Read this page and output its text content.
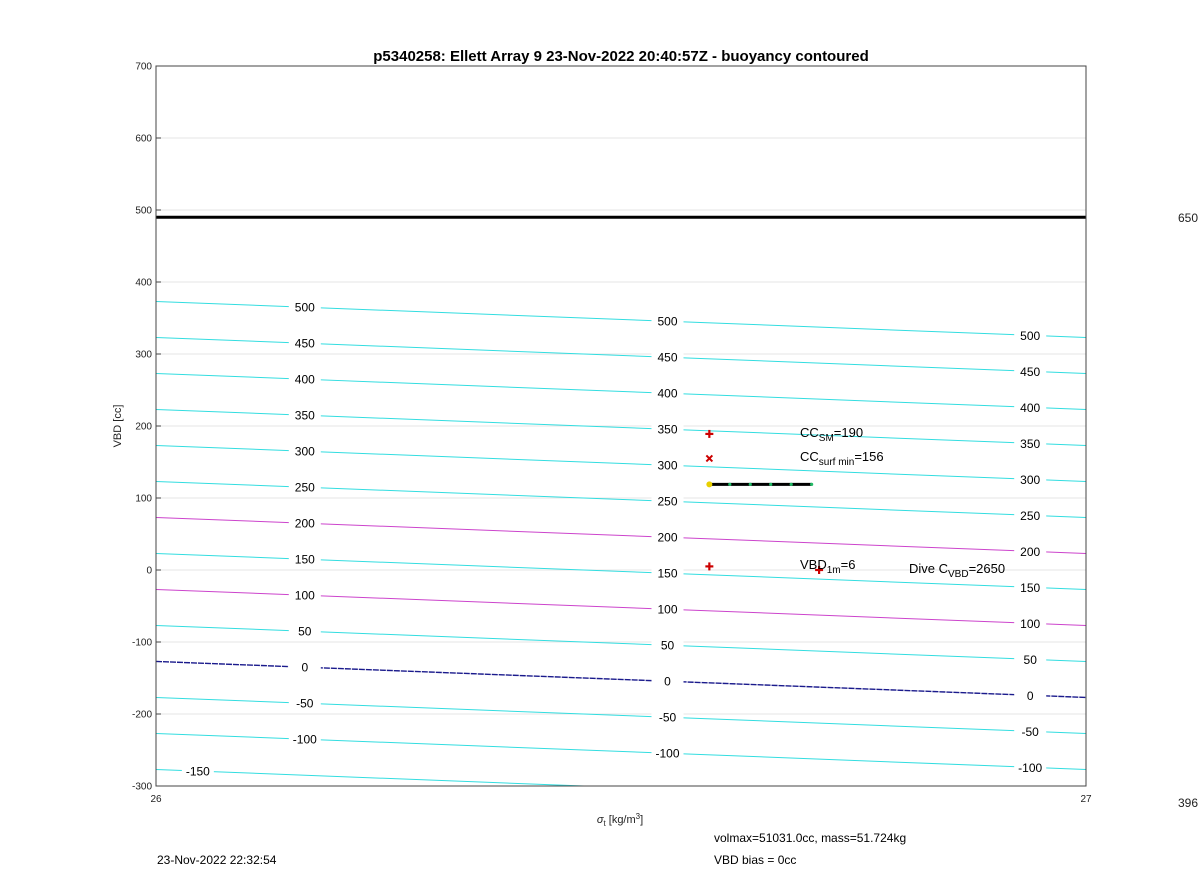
-150
-100
-100
-100
-50
-50
-50
0
0
0
50
50
50
100
100
100
150
150
150
200
200
200
250
250
250
300
300
300
350
350
350
400
400
400
450
450
450
500
500
500
700
600
500
400
300
200
100
0
-100
-200
-300
26	27
p5340258: Ellett Array 9 23-Nov-2022 20:40:57Z - buoyancy contoured
VBD [cc]
$\sigma_t$ $[kg/m^3]$
$CC_{SM}=190$
$CC_{surf min}=156$
$VBD_{1m}=6$	Dive $C_{VBD}=2650$
650
396
23-Nov-2022 22:32:54
volmax=51031.0cc, mass=51.724kg
VBD bias = 0cc
